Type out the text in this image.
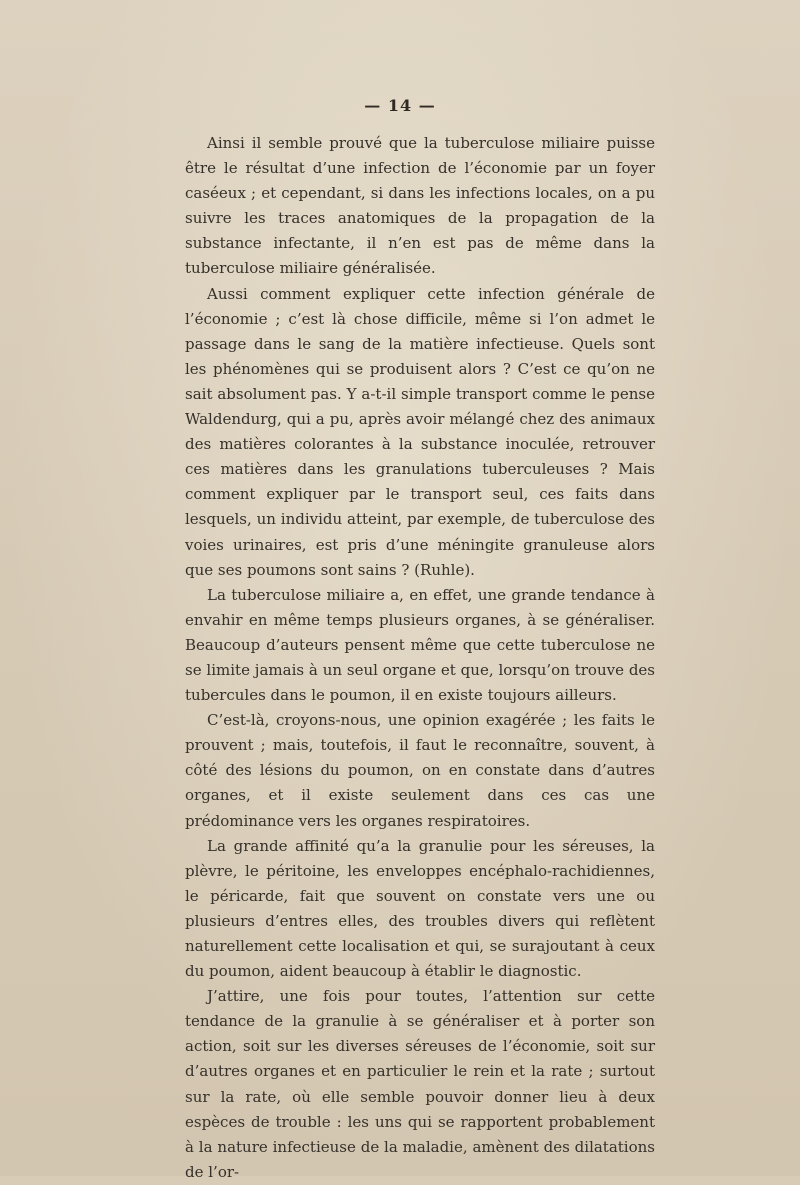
— 14 —

Ainsi il semble prouvé que la tuberculose miliaire puisse être le résultat d’une infection de l’économie par un foyer caséeux ; et cependant, si dans les infections locales, on a pu suivre les traces anatomiques de la propagation de la substance infectante, il n’en est pas de même dans la tuberculose miliaire généralisée.

Aussi comment expliquer cette infection générale de l’économie ; c’est là chose difficile, même si l’on admet le passage dans le sang de la matière infectieuse. Quels sont les phénomènes qui se produisent alors ? C’est ce qu’on ne sait absolument pas. Y a-t-il simple transport comme le pense Waldendurg, qui a pu, après avoir mélangé chez des animaux des matières colorantes à la substance inoculée, retrouver ces matières dans les granulations tuberculeuses ? Mais comment expliquer par le transport seul, ces faits dans lesquels, un individu atteint, par exemple, de tuberculose des voies urinaires, est pris d’une méningite granuleuse alors que ses poumons sont sains ? (Ruhle).

La tuberculose miliaire a, en effet, une grande tendance à envahir en même temps plusieurs organes, à se généraliser. Beaucoup d’auteurs pensent même que cette tuberculose ne se limite jamais à un seul organe et que, lorsqu’on trouve des tubercules dans le poumon, il en existe toujours ailleurs.

C’est-là, croyons-nous, une opinion exagérée ; les faits le prouvent ; mais, toutefois, il faut le reconnaître, souvent, à côté des lésions du poumon, on en constate dans d’autres organes, et il existe seulement dans ces cas une prédominance vers les organes respiratoires.

La grande affinité qu’a la granulie pour les séreuses, la plèvre, le péritoine, les enveloppes encéphalo-rachidiennes, le péricarde, fait que souvent on constate vers une ou plusieurs d’entres elles, des troubles divers qui reflètent naturellement cette localisation et qui, se surajoutant à ceux du poumon, aident beaucoup à établir le diagnostic.

J’attire, une fois pour toutes, l’attention sur cette tendance de la granulie à se généraliser et à porter son action, soit sur les diverses séreuses de l’économie, soit sur d’autres organes et en particulier le rein et la rate ; surtout sur la rate, où elle semble pouvoir donner lieu à deux espèces de trouble : les uns qui se rapportent probablement à la nature infectieuse de la maladie, amènent des dilatations de l’or-
